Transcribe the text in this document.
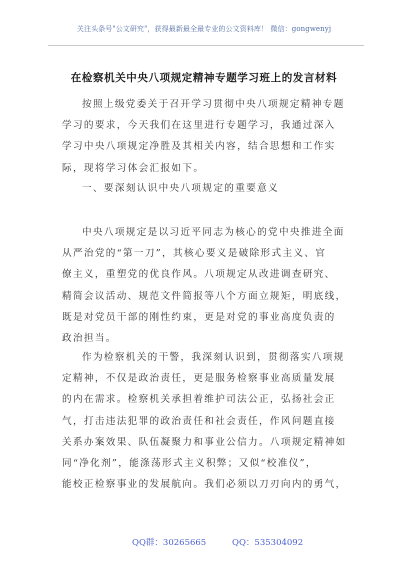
关注头条号"公文研究"，获得最新最全最专业的公文资料库！ 微信：gongwenyj
在检察机关中央八项规定精神专题学习班上的发言材料
按照上级党委关于召开学习贯彻中央八项规定精神专题
学习的要求，今天我们在这里进行专题学习，我通过深入
学习中央八项规定净胜及其相关内容，结合思想和工作实
际，现将学习体会汇报如下。
一、要深刻认识中央八项规定的重要意义
中央八项规定是以习近平同志为核心的党中央推进全面
从严治党的“第一刀”，其核心要义是破除形式主义、官
僚主义，重塑党的优良作风。八项规定从改进调查研究、
精简会议活动、规范文件简报等八个方面立规矩，明底线，
既是对党员干部的刚性约束，更是对党的事业高度负责的
政治担当。
作为检察机关的干警，我深刻认识到，贯彻落实八项规
定精神，不仅是政治责任，更是服务检察事业高质量发展
的内在需求。检察机关承担着维护司法公正，弘扬社会正
气，打击违法犯罪的政治责任和社会责任，作风问题直接
关系办案效果、队伍凝聚力和事业公信力。八项规定精神如
同“净化剂”，能涤荡形式主义积弊；又似“校准仪”，
能校正检察事业的发展航向。我们必须以刀刃向内的勇气，
QQ群：30265665	QQ：535304092
